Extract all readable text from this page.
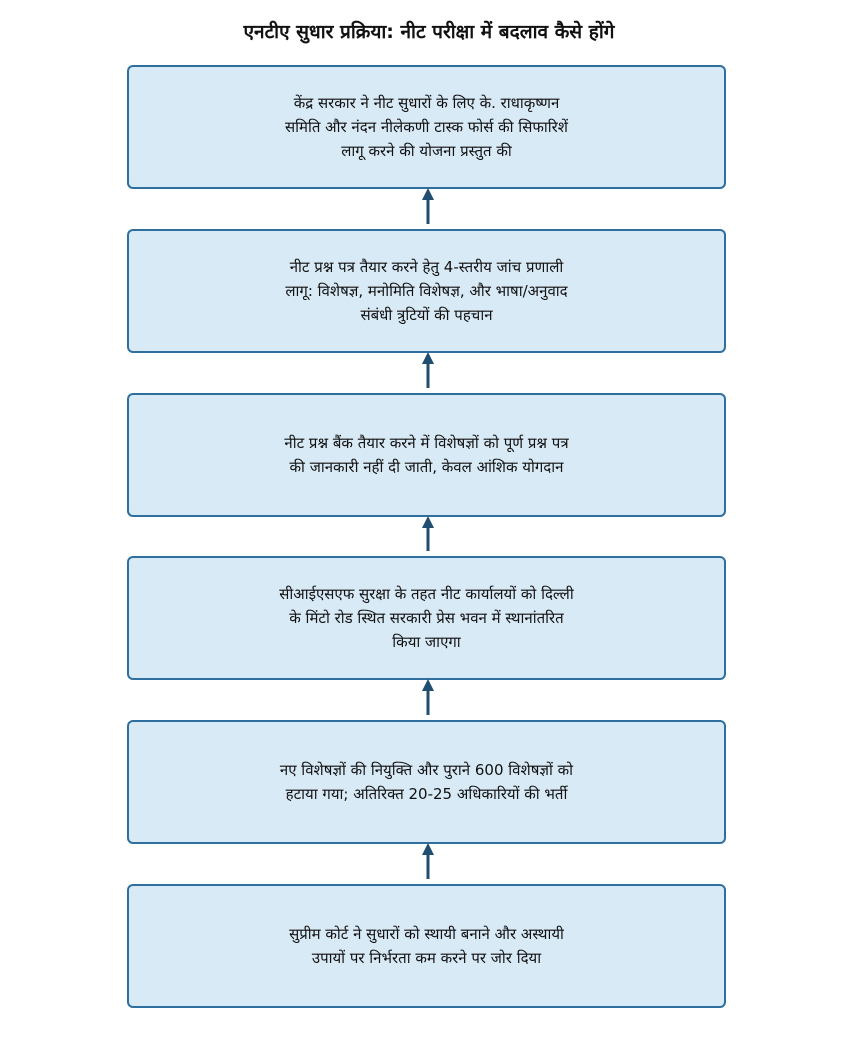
एनटीए सुधार प्रक्रिया: नीट परीक्षा में बदलाव कैसे होंगे
केंद्र सरकार ने नीट सुधारों के लिए के. राधाकृष्णन समिति और नंदन नीलेकणी टास्क फोर्स की सिफारिशें लागू करने की योजना प्रस्तुत की
नीट प्रश्न पत्र तैयार करने हेतु 4-स्तरीय जांच प्रणाली लागू: विशेषज्ञ, मनोमिति विशेषज्ञ, और भाषा/अनुवाद संबंधी त्रुटियों की पहचान
नीट प्रश्न बैंक तैयार करने में विशेषज्ञों को पूर्ण प्रश्न पत्र की जानकारी नहीं दी जाती, केवल आंशिक योगदान
सीआईएसएफ सुरक्षा के तहत नीट कार्यालयों को दिल्ली के मिंटो रोड स्थित सरकारी प्रेस भवन में स्थानांतरित किया जाएगा
नए विशेषज्ञों की नियुक्ति और पुराने 600 विशेषज्ञों को हटाया गया; अतिरिक्त 20-25 अधिकारियों की भर्ती
सुप्रीम कोर्ट ने सुधारों को स्थायी बनाने और अस्थायी उपायों पर निर्भरता कम करने पर जोर दिया
